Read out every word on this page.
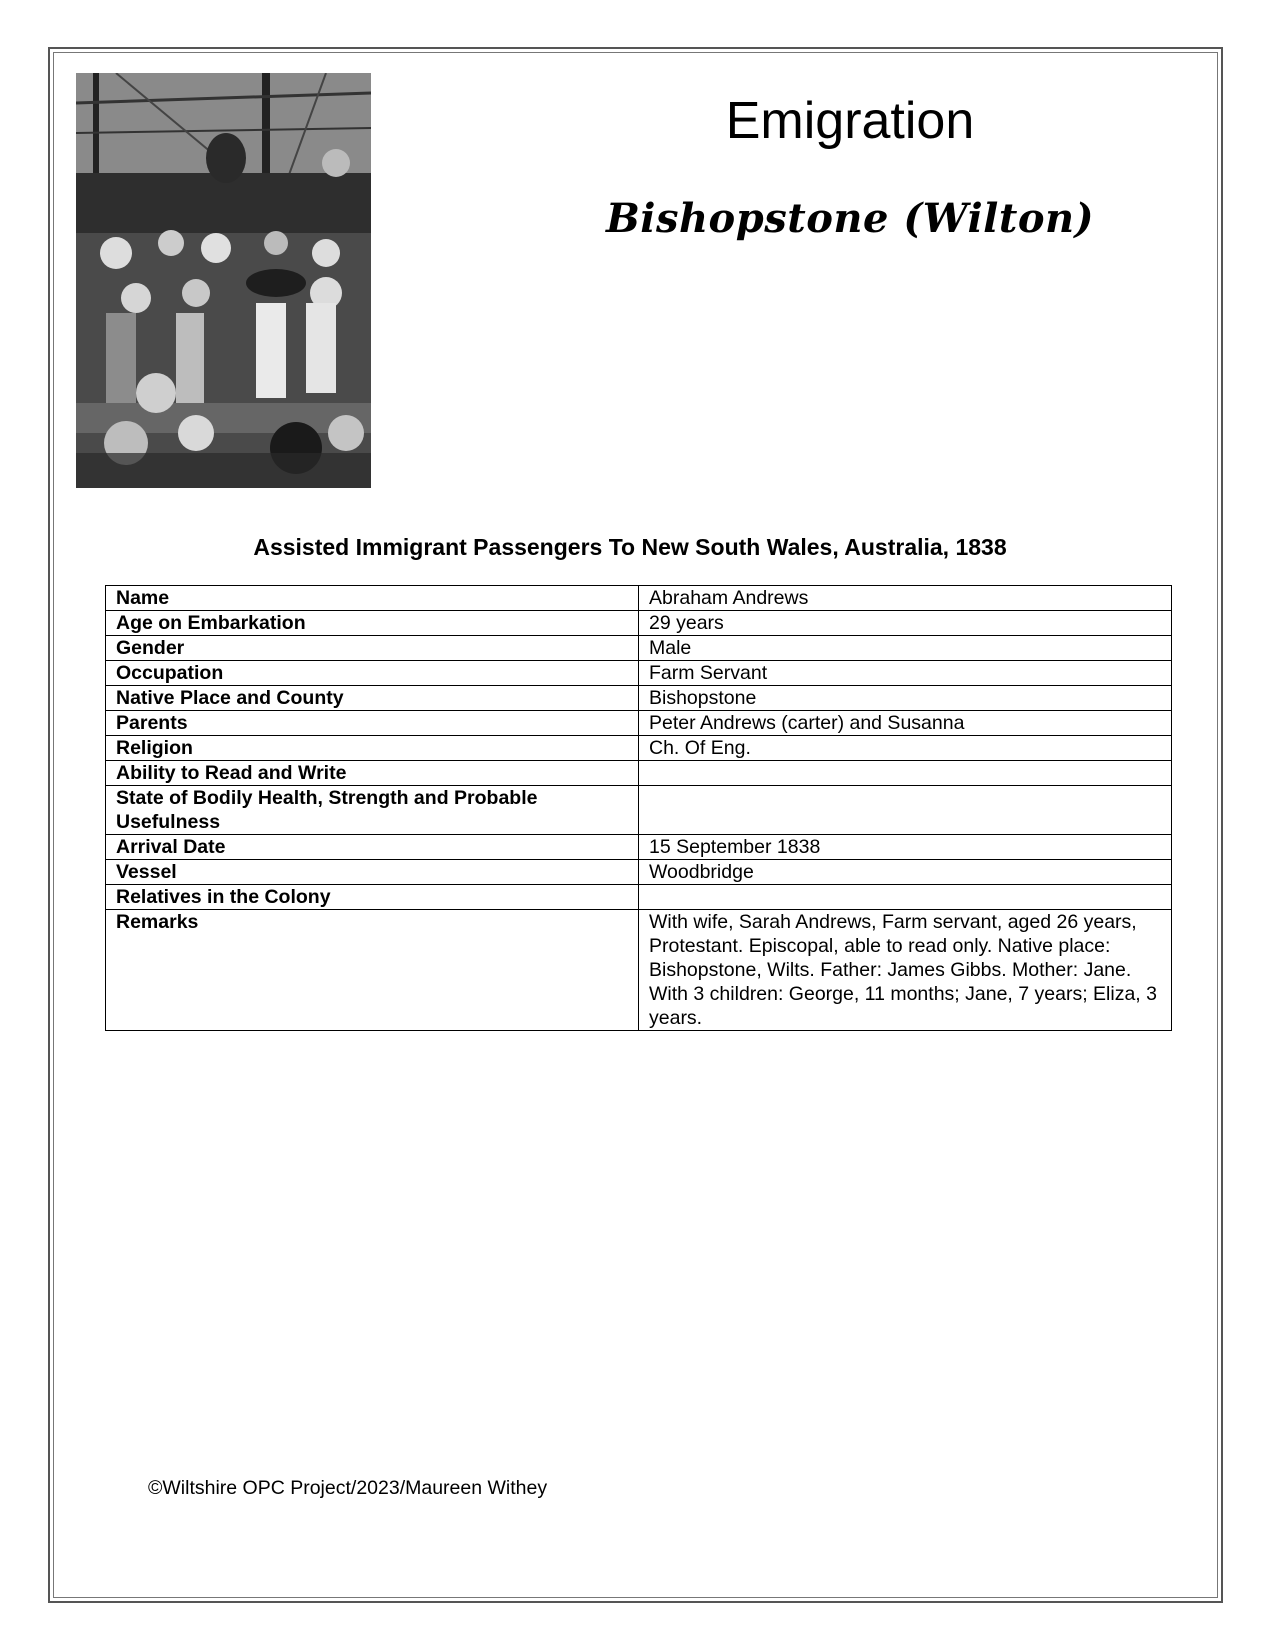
Emigration
Bishopstone (Wilton)
Assisted Immigrant Passengers To New South Wales, Australia, 1838
Name	Abraham Andrews
Age on Embarkation	29 years
Gender	Male
Occupation	Farm Servant
Native Place and County	Bishopstone
Parents	Peter Andrews (carter) and Susanna
Religion	Ch. Of Eng.
Ability to Read and Write	
State of Bodily Health, Strength and Probable Usefulness	
Arrival Date	15 September 1838
Vessel	Woodbridge
Relatives in the Colony	
Remarks	With wife, Sarah Andrews, Farm servant, aged 26 years, Protestant. Episcopal, able to read only. Native place: Bishopstone, Wilts. Father: James Gibbs. Mother: Jane. With 3 children: George, 11 months; Jane, 7 years; Eliza, 3 years.
©Wiltshire OPC Project/2023/Maureen Withey
